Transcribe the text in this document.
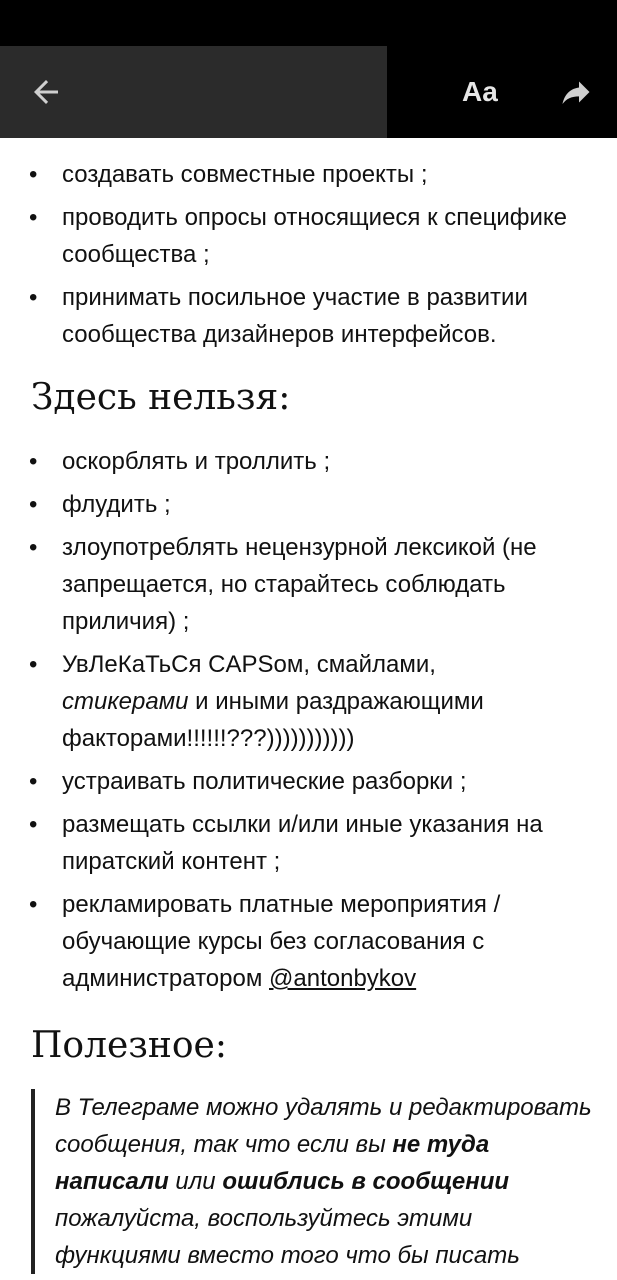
Aa
• создавать совместные проекты ;
• проводить опросы относящиеся к специфике сообщества ;
• принимать посильное участие в развитии сообщества дизайнеров интерфейсов.
Здесь нельзя:
• оскорблять и троллить ;
• флудить ;
• злоупотреблять нецензурной лексикой (не запрещается, но старайтесь соблюдать приличия) ;
• УвЛеКаТьСя CAPSом, смайлами,
стикерами и иными раздражающими факторами!!!!!!???)))))))))))
• устраивать политические разборки ;
• размещать ссылки и/или иные указания на пиратский контент ;
• рекламировать платные мероприятия / обучающие курсы без согласования с администратором @antonbykov
Полезное:
В Телеграме можно удалять и редактировать сообщения, так что если вы не туда написали или ошиблись в сообщении пожалуйста, воспользуйтесь этими функциями вместо того что бы писать
